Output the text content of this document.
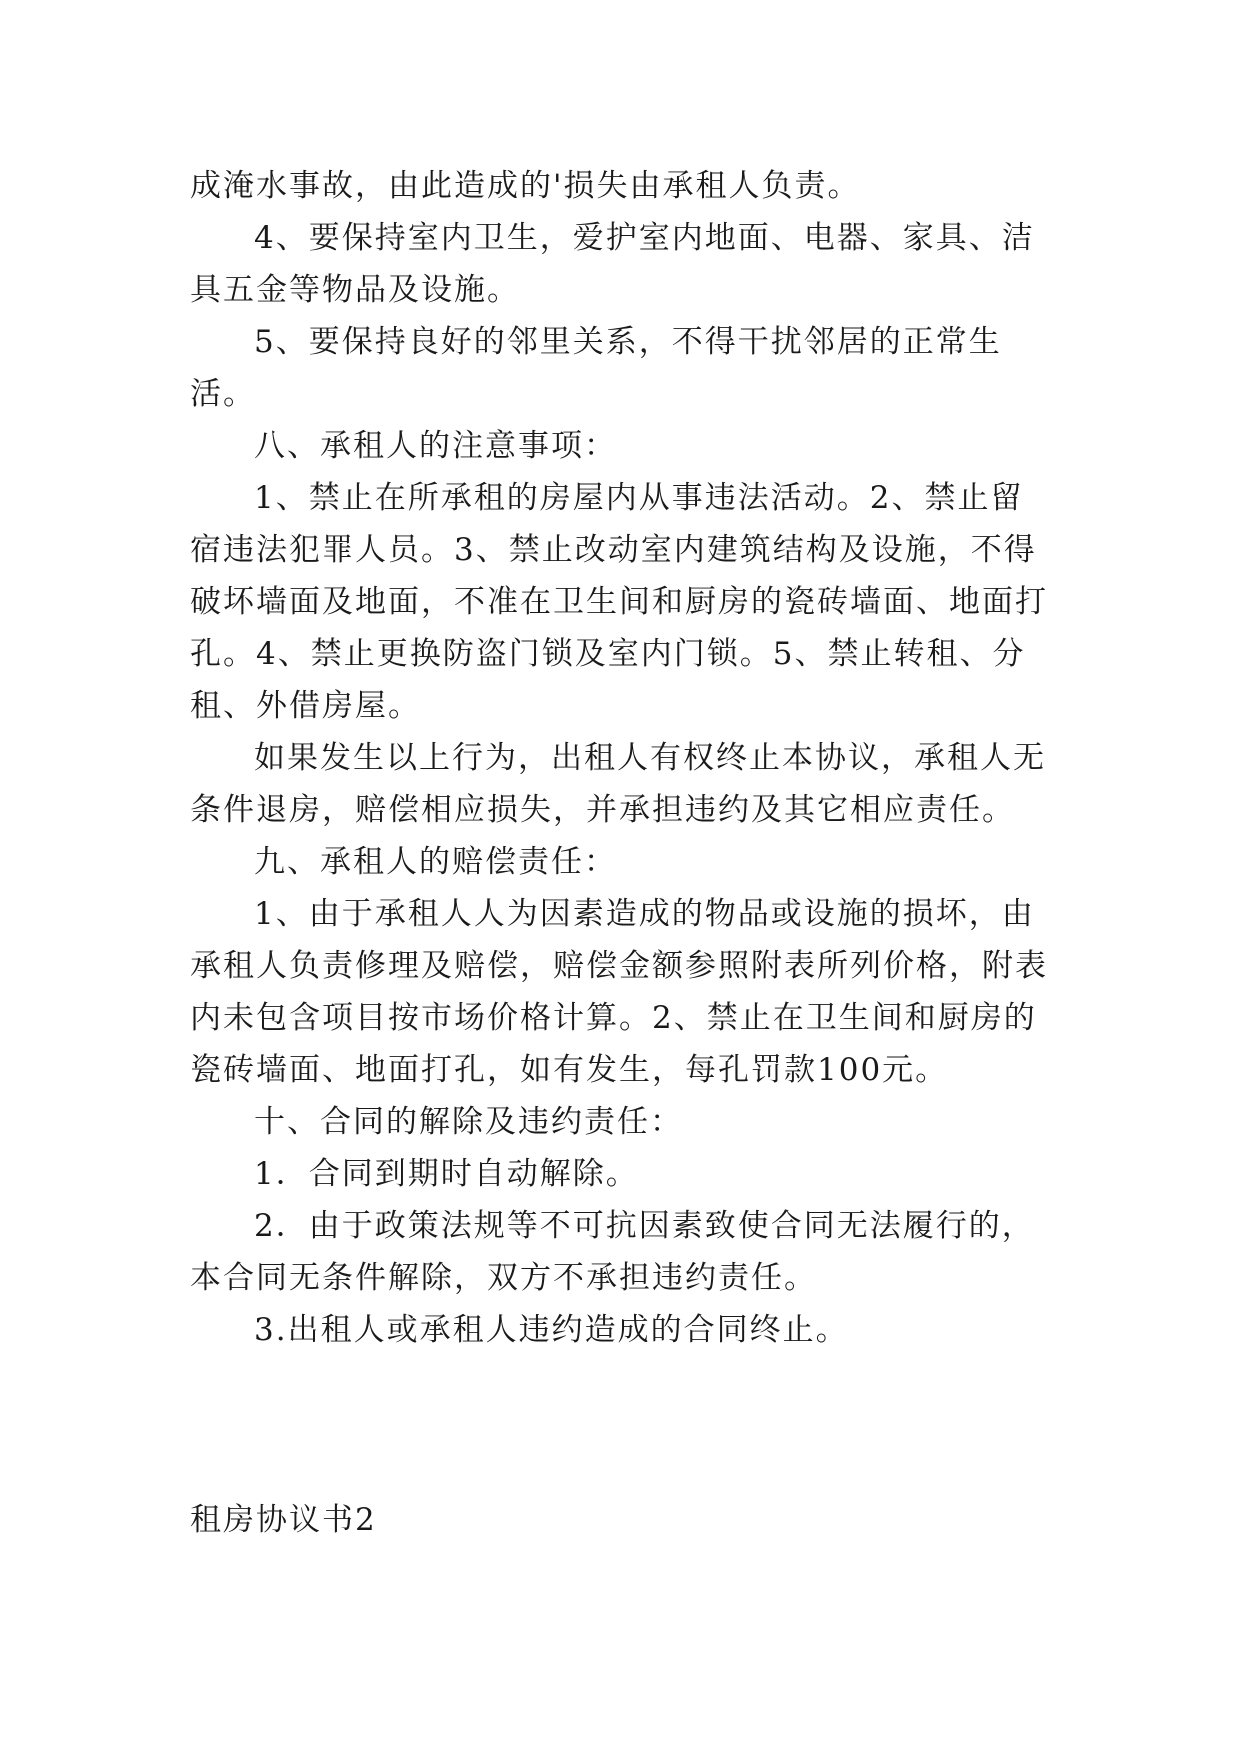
成淹水事故，由此造成的'损失由承租人负责。

4、要保持室内卫生，爱护室内地面、电器、家具、洁具五金等物品及设施。

5、要保持良好的邻里关系，不得干扰邻居的正常生活。

八、承租人的注意事项：

1、禁止在所承租的房屋内从事违法活动。2、禁止留宿违法犯罪人员。3、禁止改动室内建筑结构及设施，不得破坏墙面及地面，不准在卫生间和厨房的瓷砖墙面、地面打孔。4、禁止更换防盗门锁及室内门锁。5、禁止转租、分租、外借房屋。

如果发生以上行为，出租人有权终止本协议，承租人无条件退房，赔偿相应损失，并承担违约及其它相应责任。

九、承租人的赔偿责任：

1、由于承租人人为因素造成的物品或设施的损坏，由承租人负责修理及赔偿，赔偿金额参照附表所列价格，附表内未包含项目按市场价格计算。2、禁止在卫生间和厨房的瓷砖墙面、地面打孔，如有发生，每孔罚款100元。

十、合同的解除及违约责任：

1．合同到期时自动解除。

2．由于政策法规等不可抗因素致使合同无法履行的，本合同无条件解除，双方不承担违约责任。

3.出租人或承租人违约造成的合同终止。

租房协议书2
